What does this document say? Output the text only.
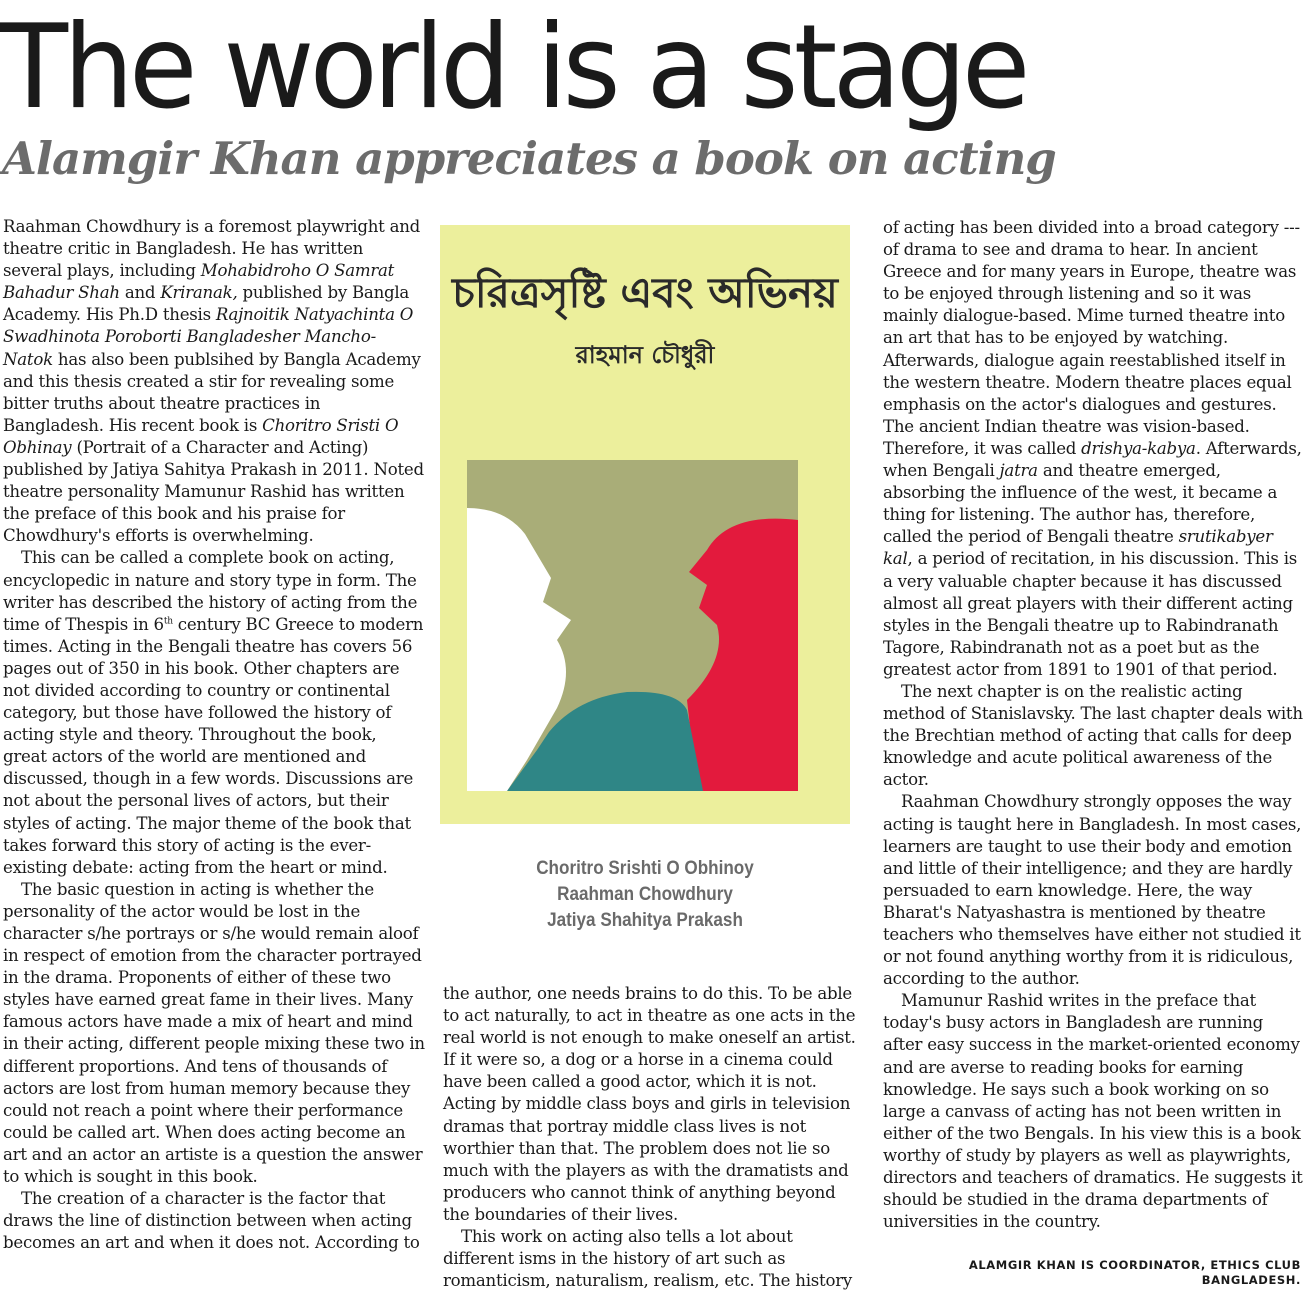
The world is a stage
Alamgir Khan appreciates a book on acting

Raahman Chowdhury is a foremost playwright and theatre critic in Bangladesh. He has written several plays, including Mohabidroho O Samrat Bahadur Shah and Kriranak, published by Bangla Academy. His Ph.D thesis Rajnoitik Natyachinta O Swadhinota Poroborti Bangladesher Mancho-Natok has also been publsihed by Bangla Academy and this thesis created a stir for revealing some bitter truths about theatre practices in Bangladesh. His recent book is Choritro Sristi O Obhinay (Portrait of a Character and Acting) published by Jatiya Sahitya Prakash in 2011. Noted theatre personality Mamunur Rashid has written the preface of this book and his praise for Chowdhury's efforts is overwhelming.

This can be called a complete book on acting, encyclopedic in nature and story type in form. The writer has described the history of acting from the time of Thespis in 6th century BC Greece to modern times. Acting in the Bengali theatre has covers 56 pages out of 350 in his book. Other chapters are not divided according to country or continental category, but those have followed the history of acting style and theory. Throughout the book, great actors of the world are mentioned and discussed, though in a few words. Discussions are not about the personal lives of actors, but their styles of acting. The major theme of the book that takes forward this story of acting is the ever-existing debate: acting from the heart or mind.

The basic question in acting is whether the personality of the actor would be lost in the character s/he portrays or s/he would remain aloof in respect of emotion from the character portrayed in the drama. Proponents of either of these two styles have earned great fame in their lives. Many famous actors have made a mix of heart and mind in their acting, different people mixing these two in different proportions. And tens of thousands of actors are lost from human memory because they could not reach a point where their performance could be called art. When does acting become an art and an actor an artiste is a question the answer to which is sought in this book.

The creation of a character is the factor that draws the line of distinction between when acting becomes an art and when it does not. According to

চরিত্রসৃষ্টি এবং অভিনয়
রাহমান চৌধুরী
Choritro Srishti O Obhinoy
Raahman Chowdhury
Jatiya Shahitya Prakash

the author, one needs brains to do this. To be able to act naturally, to act in theatre as one acts in the real world is not enough to make oneself an artist. If it were so, a dog or a horse in a cinema could have been called a good actor, which it is not. Acting by middle class boys and girls in television dramas that portray middle class lives is not worthier than that. The problem does not lie so much with the players as with the dramatists and producers who cannot think of anything beyond the boundaries of their lives.

This work on acting also tells a lot about different isms in the history of art such as romanticism, naturalism, realism, etc. The history

of acting has been divided into a broad category --- of drama to see and drama to hear. In ancient Greece and for many years in Europe, theatre was to be enjoyed through listening and so it was mainly dialogue-based. Mime turned theatre into an art that has to be enjoyed by watching. Afterwards, dialogue again reestablished itself in the western theatre. Modern theatre places equal emphasis on the actor's dialogues and gestures. The ancient Indian theatre was vision-based. Therefore, it was called drishya-kabya. Afterwards, when Bengali jatra and theatre emerged, absorbing the influence of the west, it became a thing for listening. The author has, therefore, called the period of Bengali theatre srutikabyer kal, a period of recitation, in his discussion. This is a very valuable chapter because it has discussed almost all great players with their different acting styles in the Bengali theatre up to Rabindranath Tagore, Rabindranath not as a poet but as the greatest actor from 1891 to 1901 of that period.

The next chapter is on the realistic acting method of Stanislavsky. The last chapter deals with the Brechtian method of acting that calls for deep knowledge and acute political awareness of the actor.

Raahman Chowdhury strongly opposes the way acting is taught here in Bangladesh. In most cases, learners are taught to use their body and emotion and little of their intelligence; and they are hardly persuaded to earn knowledge. Here, the way Bharat's Natyashastra is mentioned by theatre teachers who themselves have either not studied it or not found anything worthy from it is ridiculous, according to the author.

Mamunur Rashid writes in the preface that today's busy actors in Bangladesh are running after easy success in the market-oriented economy and are averse to reading books for earning knowledge. He says such a book working on so large a canvass of acting has not been written in either of the two Bengals. In his view this is a book worthy of study by players as well as playwrights, directors and teachers of dramatics. He suggests it should be studied in the drama departments of universities in the country.

ALAMGIR KHAN IS COORDINATOR, ETHICS CLUB
BANGLADESH.
